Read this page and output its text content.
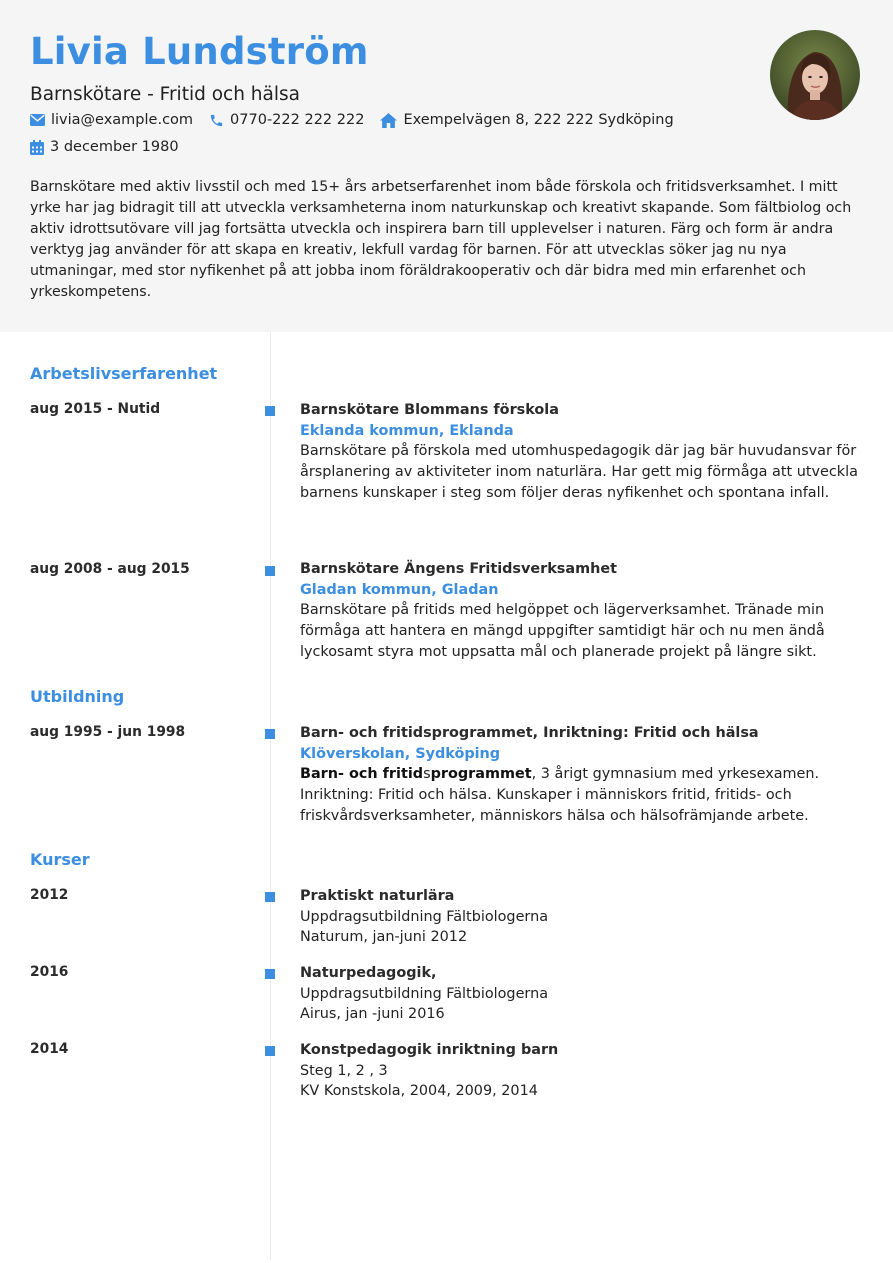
Livia Lundström
Barnskötare - Fritid och hälsa
livia@example.com	0770-222 222 222	Exempelvägen 8, 222 222 Sydköping
3 december 1980
Barnskötare med aktiv livsstil och med 15+ års arbetserfarenhet inom både förskola och fritidsverksamhet. I mitt yrke har jag bidragit till att utveckla verksamheterna inom naturkunskap och kreativt skapande. Som fältbiolog och aktiv idrottsutövare vill jag fortsätta utveckla och inspirera barn till upplevelser i naturen. Färg och form är andra verktyg jag använder för att skapa en kreativ, lekfull vardag för barnen. För att utvecklas söker jag nu nya utmaningar, med stor nyfikenhet på att jobba inom föräldrakooperativ och där bidra med min erfarenhet och yrkeskompetens.
Arbetslivserfarenhet
aug 2015 - Nutid	Barnskötare Blommans förskola
Eklanda kommun, Eklanda
Barnskötare på förskola med utomhuspedagogik där jag bär huvudansvar för årsplanering av aktiviteter inom naturlära. Har gett mig förmåga att utveckla barnens kunskaper i steg som följer deras nyfikenhet och spontana infall.
aug 2008 - aug 2015	Barnskötare Ängens Fritidsverksamhet
Gladan kommun, Gladan
Barnskötare på fritids med helgöppet och lägerverksamhet. Tränade min förmåga att hantera en mängd uppgifter samtidigt här och nu men ändå lyckosamt styra mot uppsatta mål och planerade projekt på längre sikt.
Utbildning
aug 1995 - jun 1998	Barn- och fritidsprogrammet, Inriktning: Fritid och hälsa
Klöverskolan, Sydköping
Barn- och fritidsprogrammet, 3 årigt gymnasium med yrkesexamen. Inriktning: Fritid och hälsa. Kunskaper i människors fritid, fritids- och friskvårdsverksamheter, människors hälsa och hälsofrämjande arbete.
Kurser
2012	Praktiskt naturlära
Uppdragsutbildning Fältbiologerna
Naturum, jan-juni 2012
2016	Naturpedagogik,
Uppdragsutbildning Fältbiologerna
Airus, jan -juni 2016
2014	Konstpedagogik inriktning barn
Steg 1, 2 , 3
KV Konstskola, 2004, 2009, 2014
